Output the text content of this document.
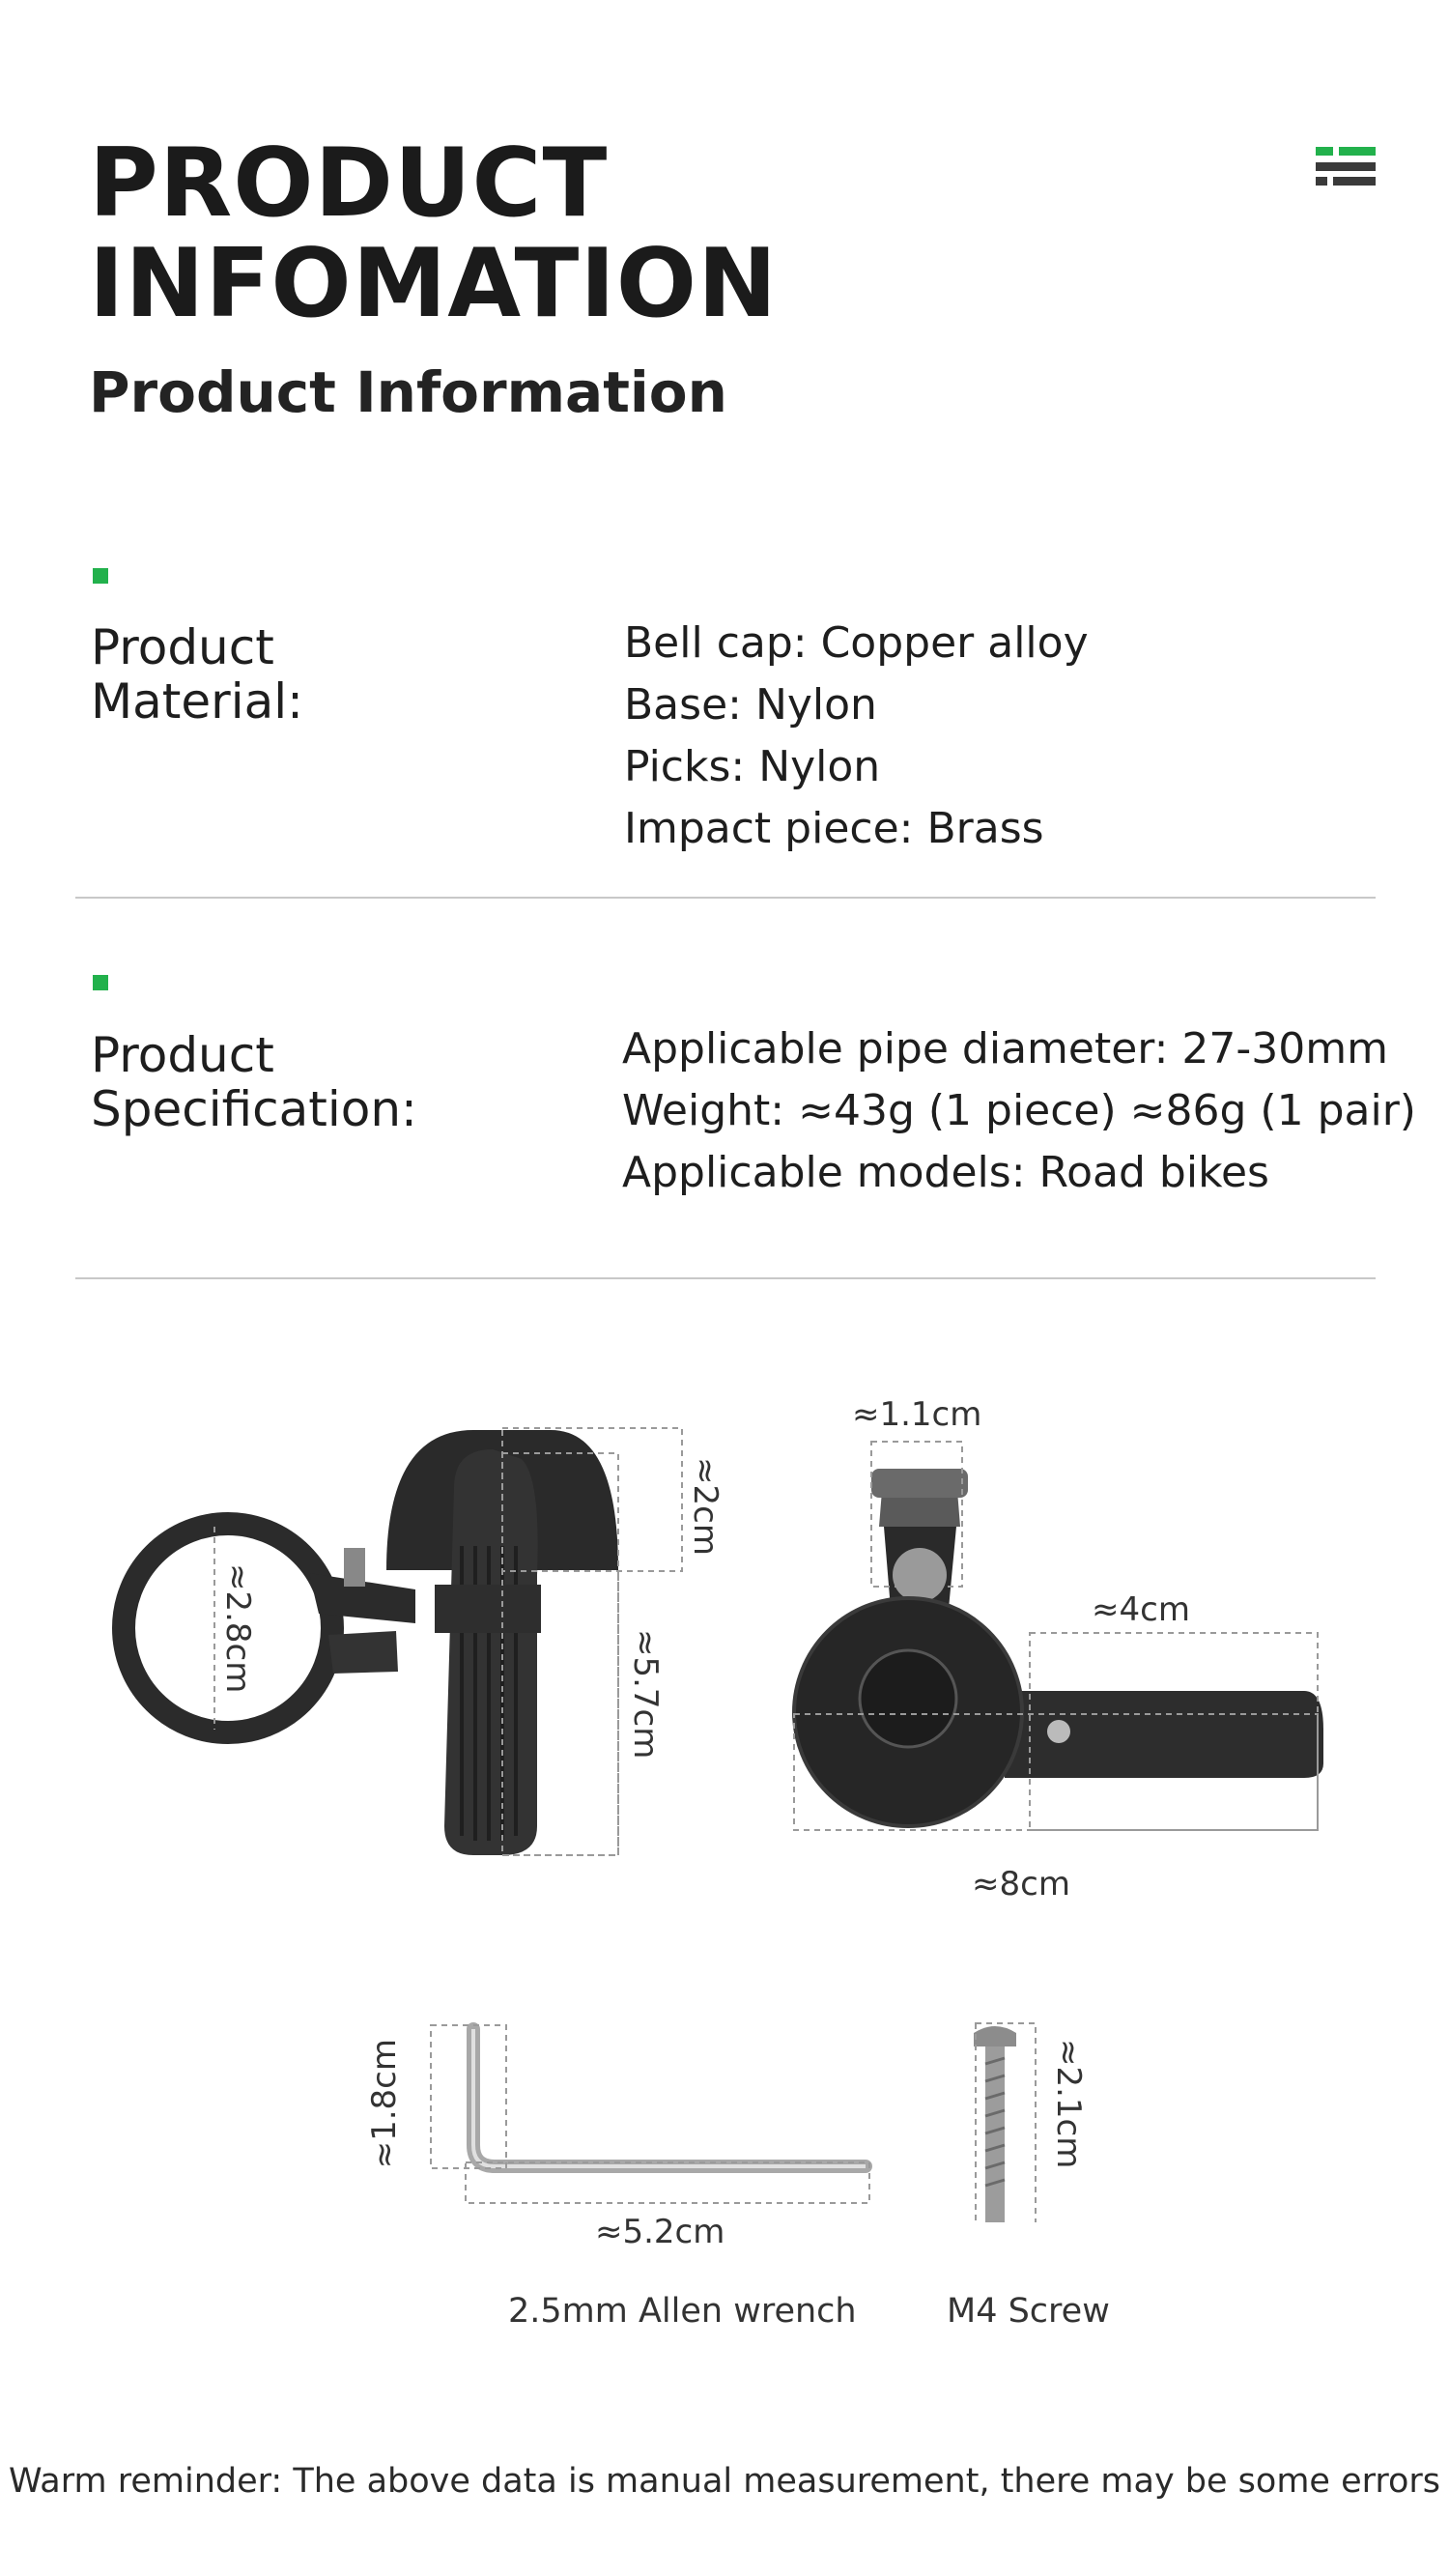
PRODUCT
INFOMATION
Product Information
Product
Material:
Bell cap: Copper alloy
Base: Nylon
Picks: Nylon
Impact piece: Brass
Product
Specification:
Applicable pipe diameter: 27-30mm
Weight: ≈43g (1 piece) ≈86g (1 pair)
Applicable models: Road bikes
≈2cm
≈2.8cm
≈5.7cm
≈1.1cm
≈4cm
≈8cm
≈1.8cm
≈5.2cm
≈2.1cm
2.5mm Allen wrench	M4 Screw
Warm reminder: The above data is manual measurement, there may be some errors
